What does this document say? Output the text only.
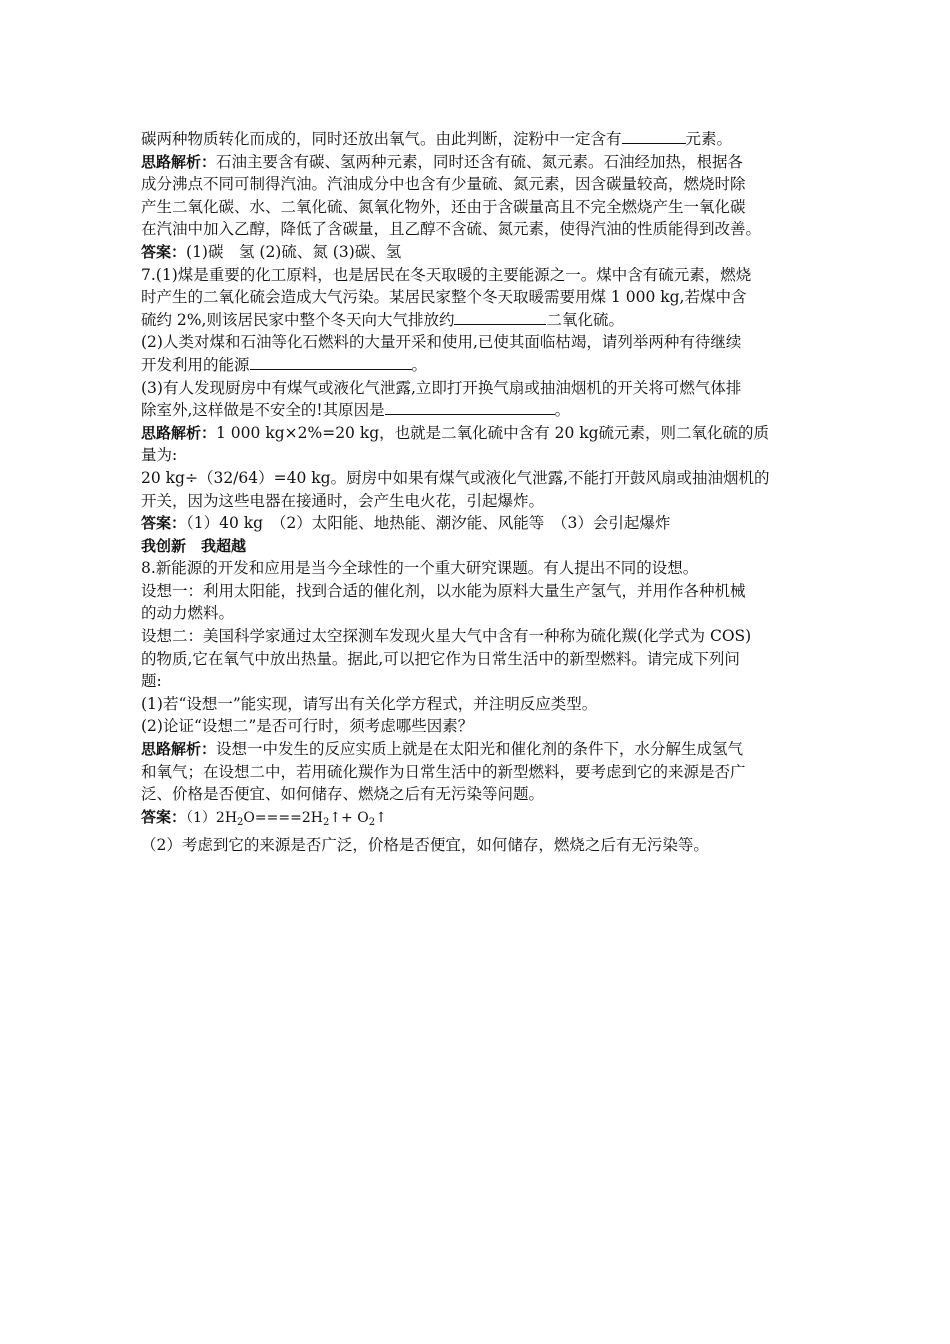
碳两种物质转化而成的，同时还放出氧气。由此判断，淀粉中一定含有	元素。
思路解析：石油主要含有碳、氢两种元素，同时还含有硫、氮元素。石油经加热，根据各
成分沸点不同可制得汽油。汽油成分中也含有少量硫、氮元素，因含碳量较高，燃烧时除
产生二氧化碳、水、二氧化硫、氮氧化物外，还由于含碳量高且不完全燃烧产生一氧化碳
在汽油中加入乙醇，降低了含碳量，且乙醇不含硫、氮元素，使得汽油的性质能得到改善。
答案：(1)碳　氢 (2)硫、氮 (3)碳、氢
7.(1)煤是重要的化工原料，也是居民在冬天取暖的主要能源之一。煤中含有硫元素，燃烧
时产生的二氧化硫会造成大气污染。某居民家整个冬天取暖需要用煤 1 000 kg,若煤中含
硫约 2%,则该居民家中整个冬天向大气排放约	二氧化硫。
(2)人类对煤和石油等化石燃料的大量开采和使用,已使其面临枯竭，请列举两种有待继续
开发利用的能源	。
(3)有人发现厨房中有煤气或液化气泄露,立即打开换气扇或抽油烟机的开关将可燃气体排
除室外,这样做是不安全的!其原因是	。
思路解析：1 000 kg×2%=20 kg，也就是二氧化硫中含有 20 kg硫元素，则二氧化硫的质
量为:
20 kg÷（32/64）=40 kg。厨房中如果有煤气或液化气泄露,不能打开鼓风扇或抽油烟机的
开关，因为这些电器在接通时，会产生电火花，引起爆炸。
答案：（1）40 kg　（2）太阳能、地热能、潮汐能、风能等　（3）会引起爆炸
我创新　我超越
8.新能源的开发和应用是当今全球性的一个重大研究课题。有人提出不同的设想。
设想一：利用太阳能，找到合适的催化剂，以水能为原料大量生产氢气，并用作各种机械
的动力燃料。
设想二：美国科学家通过太空探测车发现火星大气中含有一种称为硫化羰(化学式为 COS)
的物质,它在氧气中放出热量。据此,可以把它作为日常生活中的新型燃料。请完成下列问
题:
(1)若“设想一”能实现，请写出有关化学方程式，并注明反应类型。
(2)论证“设想二”是否可行时，须考虑哪些因素？
思路解析：设想一中发生的反应实质上就是在太阳光和催化剂的条件下，水分解生成氢气
和氧气；在设想二中，若用硫化羰作为日常生活中的新型燃料，要考虑到它的来源是否广
泛、价格是否便宜、如何储存、燃烧之后有无污染等问题。
答案：$(1)2H_2O====2H_2↑+$ $O_2↑$
（2）考虑到它的来源是否广泛，价格是否便宜，如何储存，燃烧之后有无污染等。
